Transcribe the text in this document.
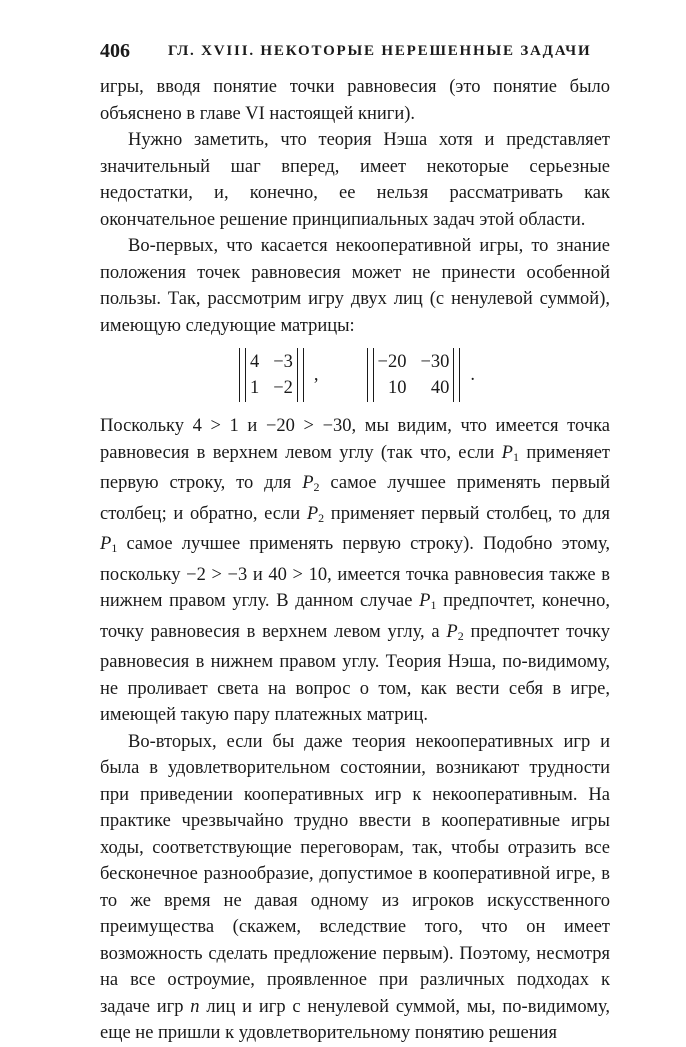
406	ГЛ. XVIII. НЕКОТОРЫЕ НЕРЕШЕННЫЕ ЗАДАЧИ

игры, вводя понятие точки равновесия (это понятие было объяснено в главе VI настоящей книги).

Нужно заметить, что теория Нэша хотя и представляет значительный шаг вперед, имеет некоторые серьезные недостатки, и, конечно, ее нельзя рассматривать как окончательное решение принципиальных задач этой области.

Во-первых, что касается некооперативной игры, то знание положения точек равновесия может не принести особенной пользы. Так, рассмотрим игру двух лиц (с ненулевой суммой), имеющую следующие матрицы:

4 −3
1 −2
,
−20 −30
10	40
.

Поскольку 4 > 1 и −20 > −30, мы видим, что имеется точка равновесия в верхнем левом углу (так что, если $P_1$ применяет первую строку, то для $P_2$ самое лучшее применять первый столбец; и обратно, если $P_2$ применяет первый столбец, то для $P_1$ самое лучшее применять первую строку). Подобно этому, поскольку −2 > −3 и 40 > 10, имеется точка равновесия также в нижнем правом углу. В данном случае $P_1$ предпочтет, конечно, точку равновесия в верхнем левом углу, а $P_2$ предпочтет точку равновесия в нижнем правом углу. Теория Нэша, по-видимому, не проливает света на вопрос о том, как вести себя в игре, имеющей такую пару платежных матриц.

Во-вторых, если бы даже теория некооперативных игр и была в удовлетворительном состоянии, возникают трудности при приведении кооперативных игр к некооперативным. На практике чрезвычайно трудно ввести в кооперативные игры ходы, соответствующие переговорам, так, чтобы отразить все бесконечное разнообразие, допустимое в кооперативной игре, в то же время не давая одному из игроков искусственного преимущества (скажем, вследствие того, что он имеет возможность сделать предложение первым). Поэтому, несмотря на все остроумие, проявленное при различных подходах к задаче игр n лиц и игр с ненулевой суммой, мы, по-видимому, еще не пришли к удовлетворительному понятию решения
